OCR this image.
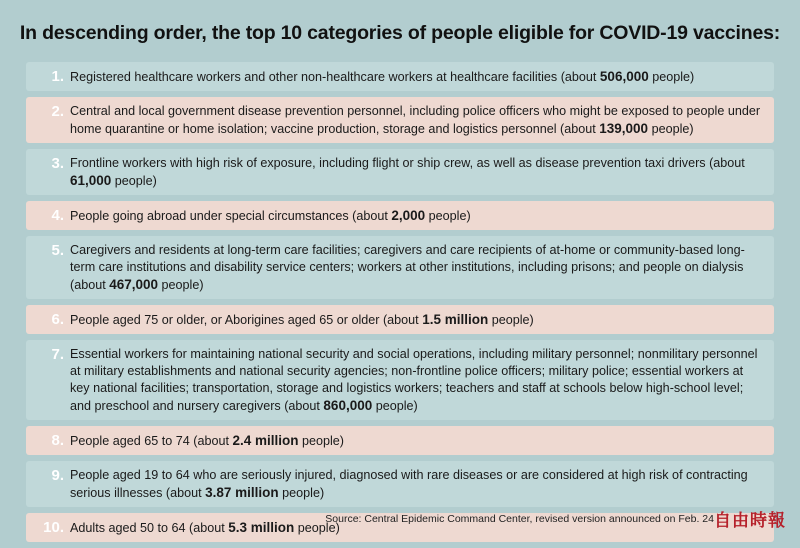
In descending order, the top 10 categories of people eligible for COVID-19 vaccines:
1. Registered healthcare workers and other non-healthcare workers at healthcare facilities (about 506,000 people)
2. Central and local government disease prevention personnel, including police officers who might be exposed to people under home quarantine or home isolation; vaccine production, storage and logistics personnel (about 139,000 people)
3. Frontline workers with high risk of exposure, including flight or ship crew, as well as disease prevention taxi drivers (about 61,000 people)
4. People going abroad under special circumstances (about 2,000 people)
5. Caregivers and residents at long-term care facilities; caregivers and care recipients of at-home or community-based long-term care institutions and disability service centers; workers at other institutions, including prisons; and people on dialysis (about 467,000 people)
6. People aged 75 or older, or Aborigines aged 65 or older (about 1.5 million people)
7. Essential workers for maintaining national security and social operations, including military personnel; nonmilitary personnel at military establishments and national security agencies; non-frontline police officers; military police; essential workers at key national facilities; transportation, storage and logistics workers; teachers and staff at schools below high-school level; and preschool and nursery caregivers (about 860,000 people)
8. People aged 65 to 74 (about 2.4 million people)
9. People aged 19 to 64 who are seriously injured, diagnosed with rare diseases or are considered at high risk of contracting serious illnesses (about 3.87 million people)
10. Adults aged 50 to 64 (about 5.3 million people)
Source: Central Epidemic Command Center, revised version announced on Feb. 24 自由時報
